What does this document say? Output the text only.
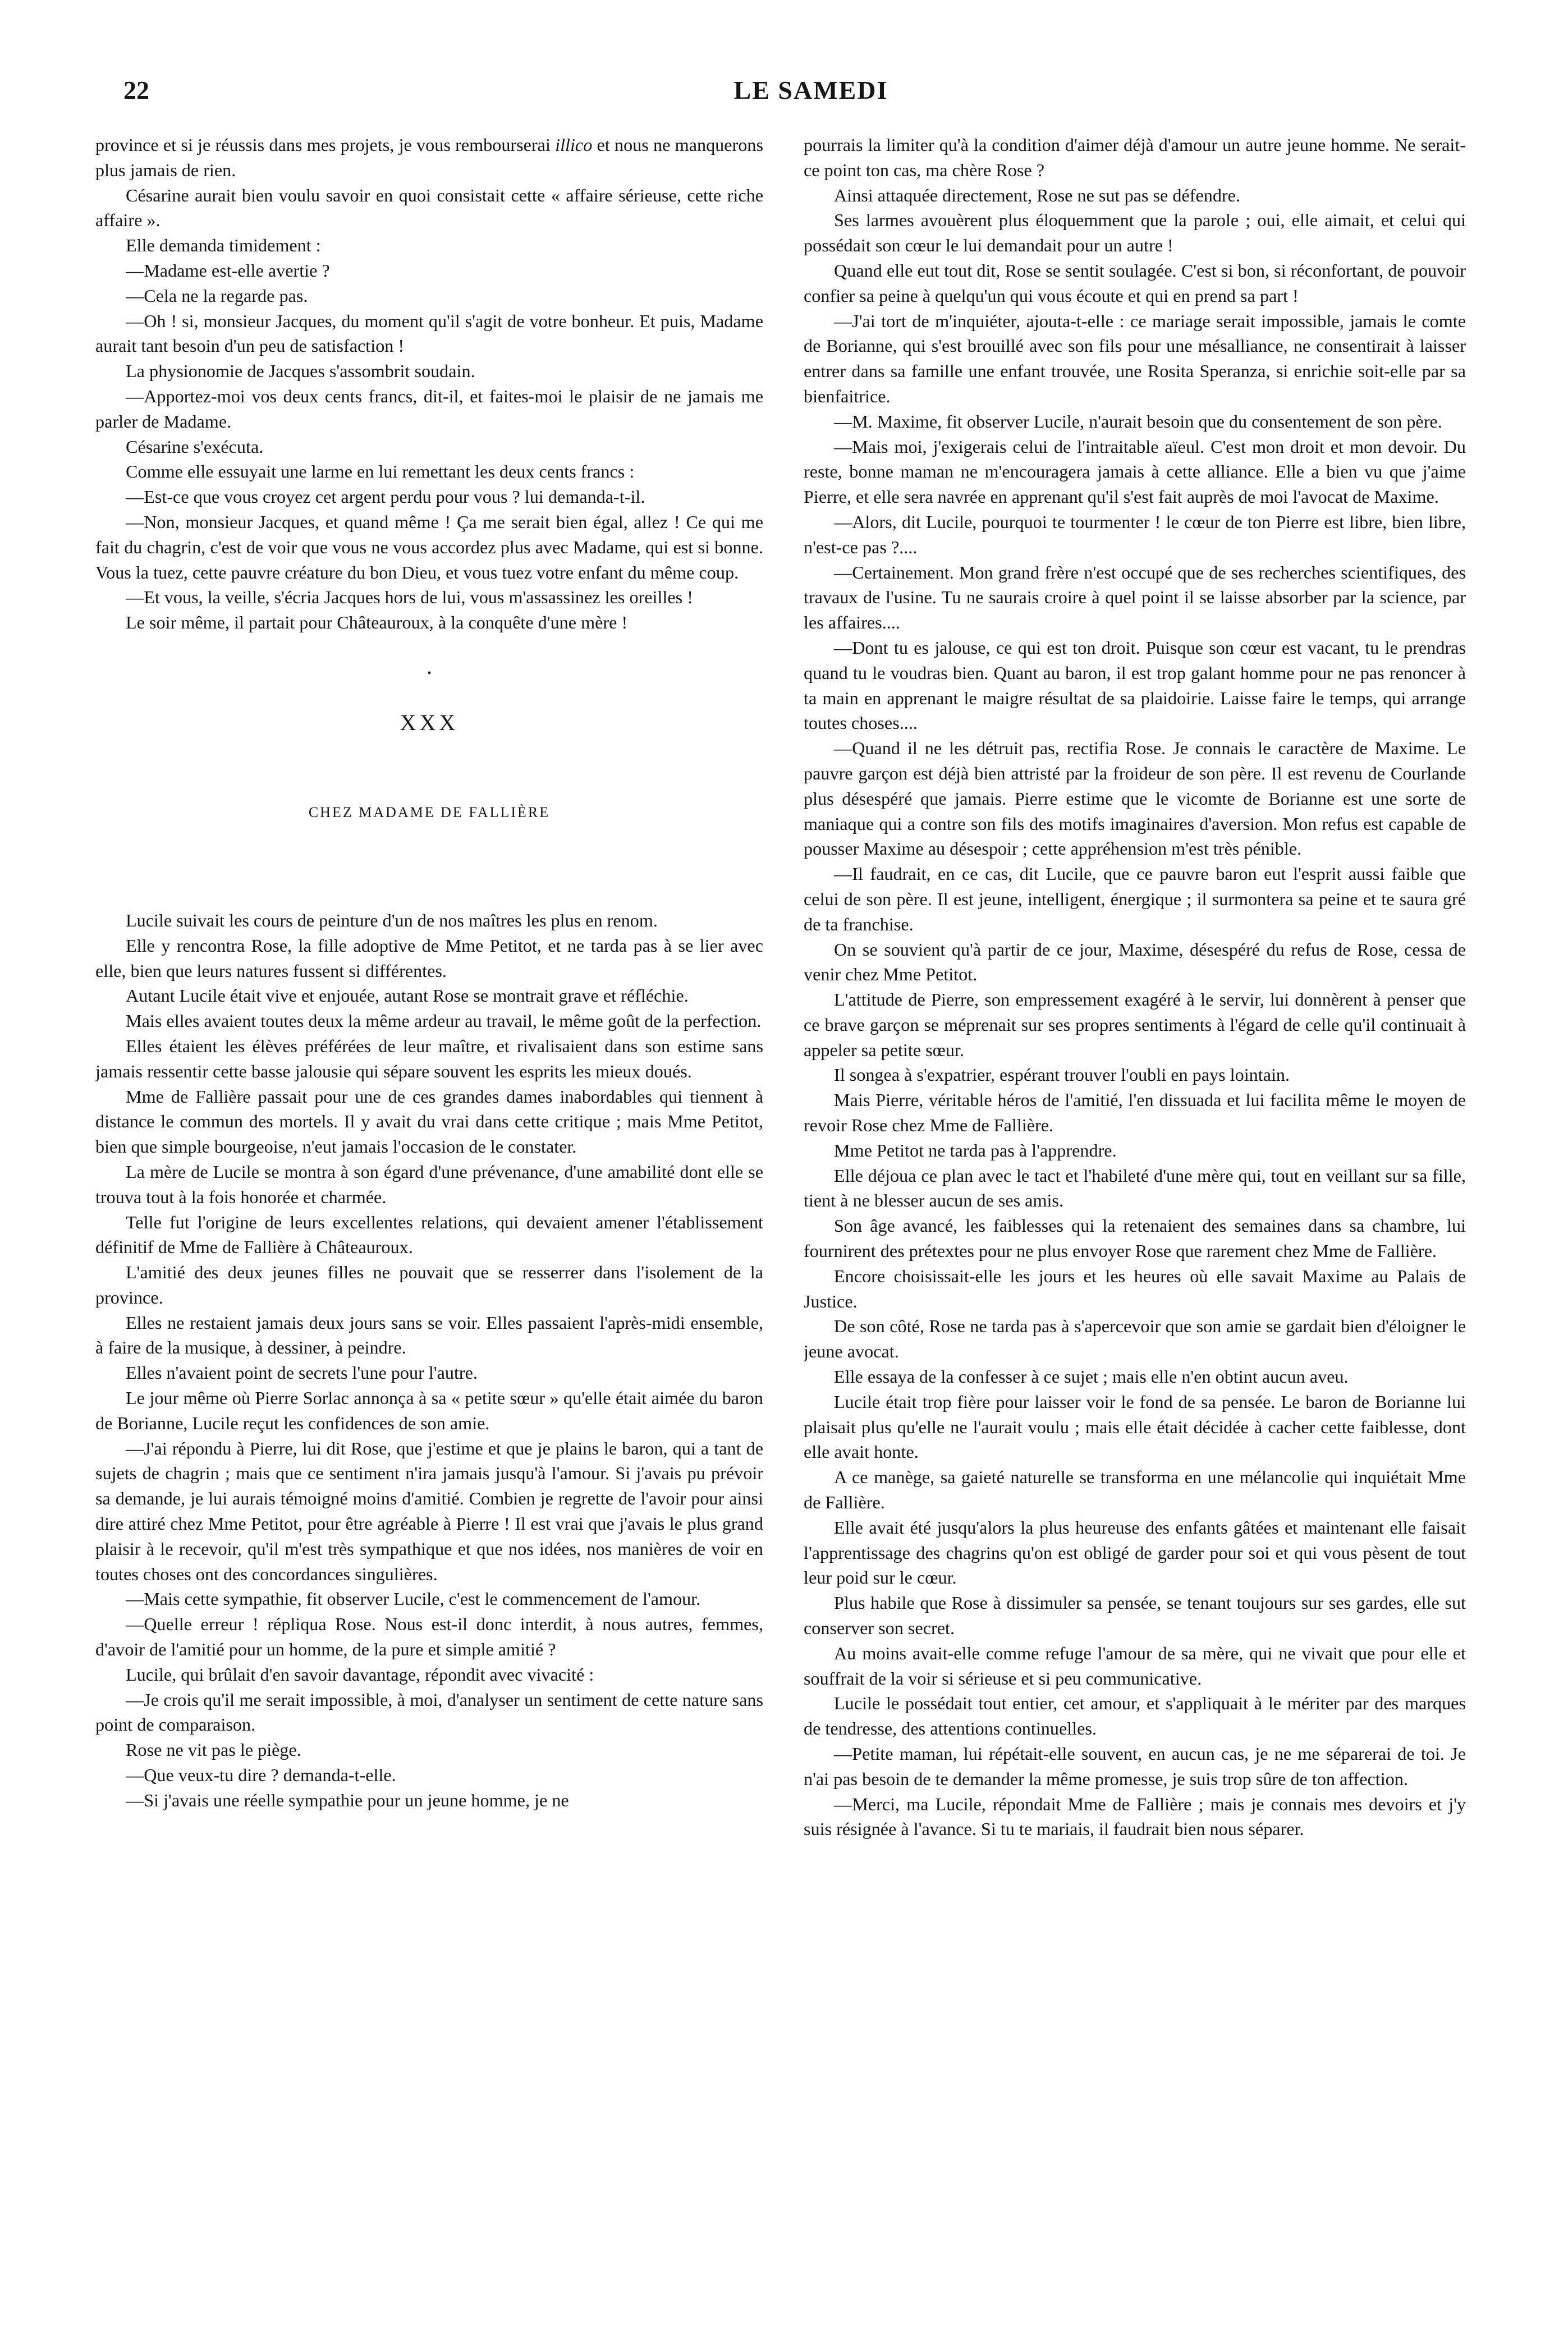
22	LE SAMEDI

province et si je réussis dans mes projets, je vous rembourserai illico et nous ne manquerons plus jamais de rien.

Césarine aurait bien voulu savoir en quoi consistait cette « affaire sérieuse, cette riche affaire ».

Elle demanda timidement :

—Madame est-elle avertie ?

—Cela ne la regarde pas.

—Oh ! si, monsieur Jacques, du moment qu'il s'agit de votre bonheur. Et puis, Madame aurait tant besoin d'un peu de satisfaction !

La physionomie de Jacques s'assombrit soudain.

—Apportez-moi vos deux cents francs, dit-il, et faites-moi le plaisir de ne jamais me parler de Madame.

Césarine s'exécuta.

Comme elle essuyait une larme en lui remettant les deux cents francs :

—Est-ce que vous croyez cet argent perdu pour vous ? lui demanda-t-il.

—Non, monsieur Jacques, et quand même ! Ça me serait bien égal, allez ! Ce qui me fait du chagrin, c'est de voir que vous ne vous accordez plus avec Madame, qui est si bonne. Vous la tuez, cette pauvre créature du bon Dieu, et vous tuez votre enfant du même coup.

—Et vous, la veille, s'écria Jacques hors de lui, vous m'assassinez les oreilles !

Le soir même, il partait pour Châteauroux, à la conquête d'une mère !

•
XXX
CHEZ MADAME DE FALLIÈRE

Lucile suivait les cours de peinture d'un de nos maîtres les plus en renom.

Elle y rencontra Rose, la fille adoptive de Mme Petitot, et ne tarda pas à se lier avec elle, bien que leurs natures fussent si différentes.

Autant Lucile était vive et enjouée, autant Rose se montrait grave et réfléchie.

Mais elles avaient toutes deux la même ardeur au travail, le même goût de la perfection.

Elles étaient les élèves préférées de leur maître, et rivalisaient dans son estime sans jamais ressentir cette basse jalousie qui sépare souvent les esprits les mieux doués.

Mme de Fallière passait pour une de ces grandes dames inabordables qui tiennent à distance le commun des mortels. Il y avait du vrai dans cette critique ; mais Mme Petitot, bien que simple bourgeoise, n'eut jamais l'occasion de le constater.

La mère de Lucile se montra à son égard d'une prévenance, d'une amabilité dont elle se trouva tout à la fois honorée et charmée.

Telle fut l'origine de leurs excellentes relations, qui devaient amener l'établissement définitif de Mme de Fallière à Châteauroux.

L'amitié des deux jeunes filles ne pouvait que se resserrer dans l'isolement de la province.

Elles ne restaient jamais deux jours sans se voir. Elles passaient l'après-midi ensemble, à faire de la musique, à dessiner, à peindre.

Elles n'avaient point de secrets l'une pour l'autre.

Le jour même où Pierre Sorlac annonça à sa « petite sœur » qu'elle était aimée du baron de Borianne, Lucile reçut les confidences de son amie.

—J'ai répondu à Pierre, lui dit Rose, que j'estime et que je plains le baron, qui a tant de sujets de chagrin ; mais que ce sentiment n'ira jamais jusqu'à l'amour. Si j'avais pu prévoir sa demande, je lui aurais témoigné moins d'amitié. Combien je regrette de l'avoir pour ainsi dire attiré chez Mme Petitot, pour être agréable à Pierre ! Il est vrai que j'avais le plus grand plaisir à le recevoir, qu'il m'est très sympathique et que nos idées, nos manières de voir en toutes choses ont des concordances singulières.

—Mais cette sympathie, fit observer Lucile, c'est le commencement de l'amour.

—Quelle erreur ! répliqua Rose. Nous est-il donc interdit, à nous autres, femmes, d'avoir de l'amitié pour un homme, de la pure et simple amitié ?

Lucile, qui brûlait d'en savoir davantage, répondit avec vivacité :

—Je crois qu'il me serait impossible, à moi, d'analyser un sentiment de cette nature sans point de comparaison.

Rose ne vit pas le piège.

—Que veux-tu dire ? demanda-t-elle.

—Si j'avais une réelle sympathie pour un jeune homme, je ne

pourrais la limiter qu'à la condition d'aimer déjà d'amour un autre jeune homme. Ne serait-ce point ton cas, ma chère Rose ?

Ainsi attaquée directement, Rose ne sut pas se défendre.

Ses larmes avouèrent plus éloquemment que la parole ; oui, elle aimait, et celui qui possédait son cœur le lui demandait pour un autre !

Quand elle eut tout dit, Rose se sentit soulagée. C'est si bon, si réconfortant, de pouvoir confier sa peine à quelqu'un qui vous écoute et qui en prend sa part !

—J'ai tort de m'inquiéter, ajouta-t-elle : ce mariage serait impossible, jamais le comte de Borianne, qui s'est brouillé avec son fils pour une mésalliance, ne consentirait à laisser entrer dans sa famille une enfant trouvée, une Rosita Speranza, si enrichie soit-elle par sa bienfaitrice.

—M. Maxime, fit observer Lucile, n'aurait besoin que du consentement de son père.

—Mais moi, j'exigerais celui de l'intraitable aïeul. C'est mon droit et mon devoir. Du reste, bonne maman ne m'encouragera jamais à cette alliance. Elle a bien vu que j'aime Pierre, et elle sera navrée en apprenant qu'il s'est fait auprès de moi l'avocat de Maxime.

—Alors, dit Lucile, pourquoi te tourmenter ! le cœur de ton Pierre est libre, bien libre, n'est-ce pas ?....

—Certainement. Mon grand frère n'est occupé que de ses recherches scientifiques, des travaux de l'usine. Tu ne saurais croire à quel point il se laisse absorber par la science, par les affaires....

—Dont tu es jalouse, ce qui est ton droit. Puisque son cœur est vacant, tu le prendras quand tu le voudras bien. Quant au baron, il est trop galant homme pour ne pas renoncer à ta main en apprenant le maigre résultat de sa plaidoirie. Laisse faire le temps, qui arrange toutes choses....

—Quand il ne les détruit pas, rectifia Rose. Je connais le caractère de Maxime. Le pauvre garçon est déjà bien attristé par la froideur de son père. Il est revenu de Courlande plus désespéré que jamais. Pierre estime que le vicomte de Borianne est une sorte de maniaque qui a contre son fils des motifs imaginaires d'aversion. Mon refus est capable de pousser Maxime au désespoir ; cette appréhension m'est très pénible.

—Il faudrait, en ce cas, dit Lucile, que ce pauvre baron eut l'esprit aussi faible que celui de son père. Il est jeune, intelligent, énergique ; il surmontera sa peine et te saura gré de ta franchise.

On se souvient qu'à partir de ce jour, Maxime, désespéré du refus de Rose, cessa de venir chez Mme Petitot.

L'attitude de Pierre, son empressement exagéré à le servir, lui donnèrent à penser que ce brave garçon se méprenait sur ses propres sentiments à l'égard de celle qu'il continuait à appeler sa petite sœur.

Il songea à s'expatrier, espérant trouver l'oubli en pays lointain.

Mais Pierre, véritable héros de l'amitié, l'en dissuada et lui facilita même le moyen de revoir Rose chez Mme de Fallière.

Mme Petitot ne tarda pas à l'apprendre.

Elle déjoua ce plan avec le tact et l'habileté d'une mère qui, tout en veillant sur sa fille, tient à ne blesser aucun de ses amis.

Son âge avancé, les faiblesses qui la retenaient des semaines dans sa chambre, lui fournirent des prétextes pour ne plus envoyer Rose que rarement chez Mme de Fallière.

Encore choisissait-elle les jours et les heures où elle savait Maxime au Palais de Justice.

De son côté, Rose ne tarda pas à s'apercevoir que son amie se gardait bien d'éloigner le jeune avocat.

Elle essaya de la confesser à ce sujet ; mais elle n'en obtint aucun aveu.

Lucile était trop fière pour laisser voir le fond de sa pensée. Le baron de Borianne lui plaisait plus qu'elle ne l'aurait voulu ; mais elle était décidée à cacher cette faiblesse, dont elle avait honte.

A ce manège, sa gaieté naturelle se transforma en une mélancolie qui inquiétait Mme de Fallière.

Elle avait été jusqu'alors la plus heureuse des enfants gâtées et maintenant elle faisait l'apprentissage des chagrins qu'on est obligé de garder pour soi et qui vous pèsent de tout leur poid sur le cœur.

Plus habile que Rose à dissimuler sa pensée, se tenant toujours sur ses gardes, elle sut conserver son secret.

Au moins avait-elle comme refuge l'amour de sa mère, qui ne vivait que pour elle et souffrait de la voir si sérieuse et si peu communicative.

Lucile le possédait tout entier, cet amour, et s'appliquait à le mériter par des marques de tendresse, des attentions continuelles.

—Petite maman, lui répétait-elle souvent, en aucun cas, je ne me séparerai de toi. Je n'ai pas besoin de te demander la même promesse, je suis trop sûre de ton affection.

—Merci, ma Lucile, répondait Mme de Fallière ; mais je connais mes devoirs et j'y suis résignée à l'avance. Si tu te mariais, il faudrait bien nous séparer.
